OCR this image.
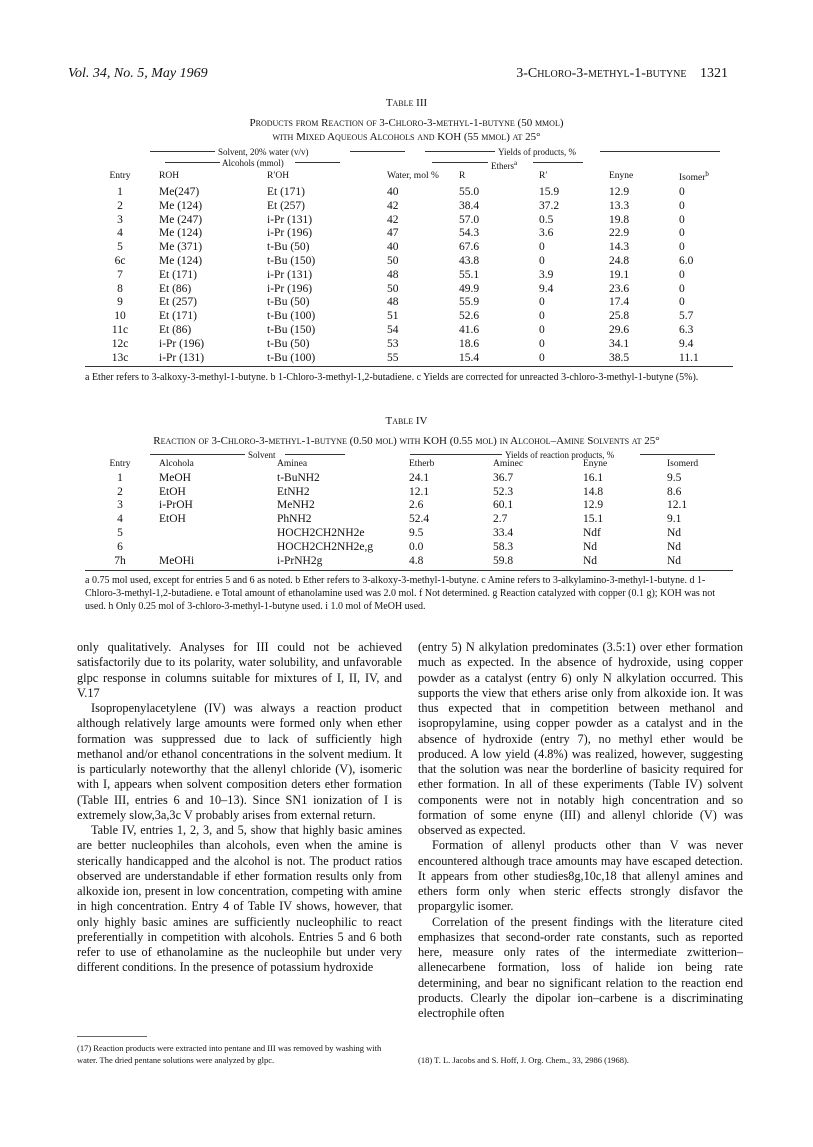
Vol. 34, No. 5, May 1969	3-Chloro-3-methyl-1-butyne 1321
Table III
Products from Reaction of 3-Chloro-3-methyl-1-butyne (50 mmol)
with Mixed Aqueous Alcohols and KOH (55 mmol) at 25°
Solvent, 20% water (v/v)	Yields of products, %
Alcohols (mmol)	Ethers$^a$
Entry	ROH	R′OH	Water, mol %	R	R′	Enyne	Isomer$^b$
1	Me(247)	Et (171)	40	55.0	15.9	12.9	0
2	Me (124)	Et (257)	42	38.4	37.2	13.3	0
3	Me (247)	i-Pr (131)	42	57.0	0.5	19.8	0
4	Me (124)	i-Pr (196)	47	54.3	3.6	22.9	0
5	Me (371)	t-Bu (50)	40	67.6	0	14.3	0
6c	Me (124)	t-Bu (150)	50	43.8	0	24.8	6.0
7	Et (171)	i-Pr (131)	48	55.1	3.9	19.1	0
8	Et (86)	i-Pr (196)	50	49.9	9.4	23.6	0
9	Et (257)	t-Bu (50)	48	55.9	0	17.4	0
10	Et (171)	t-Bu (100)	51	52.6	0	25.8	5.7
11c	Et (86)	t-Bu (150)	54	41.6	0	29.6	6.3
12c	i-Pr (196)	t-Bu (50)	53	18.6	0	34.1	9.4
13c	i-Pr (131)	t-Bu (100)	55	15.4	0	38.5	11.1
a Ether refers to 3-alkoxy-3-methyl-1-butyne. b 1-Chloro-3-methyl-1,2-butadiene. c Yields are corrected for unreacted 3-chloro-3-methyl-1-butyne (5%).
Table IV
Reaction of 3-Chloro-3-methyl-1-butyne (0.50 mol) with KOH (0.55 mol) in Alcohol–Amine Solvents at 25°
Solvent	Yields of reaction products, %
Entry	Alcohola	Aminea	Etherb	Aminec	Enyne	Isomerd
1	MeOH	t-BuNH2	24.1	36.7	16.1	9.5
2	EtOH	EtNH2	12.1	52.3	14.8	8.6
3	i-PrOH	MeNH2	2.6	60.1	12.9	12.1
4	EtOH	PhNH2	52.4	2.7	15.1	9.1
5		HOCH2CH2NH2e	9.5	33.4	Ndf	Nd
6		HOCH2CH2NH2e,g	0.0	58.3	Nd	Nd
7h	MeOHi	i-PrNH2g	4.8	59.8	Nd	Nd
a 0.75 mol used, except for entries 5 and 6 as noted. b Ether refers to 3-alkoxy-3-methyl-1-butyne. c Amine refers to 3-alkylamino-3-methyl-1-butyne. d 1-Chloro-3-methyl-1,2-butadiene. e Total amount of ethanolamine used was 2.0 mol. f Not determined. g Reaction catalyzed with copper (0.1 g); KOH was not used. h Only 0.25 mol of 3-chloro-3-methyl-1-butyne used. i 1.0 mol of MeOH used.

only qualitatively. Analyses for III could not be achieved satisfactorily due to its polarity, water solubility, and unfavorable glpc response in columns suitable for mixtures of I, II, IV, and V.17

Isopropenylacetylene (IV) was always a reaction product although relatively large amounts were formed only when ether formation was suppressed due to lack of sufficiently high methanol and/or ethanol concentrations in the solvent medium. It is particularly noteworthy that the allenyl chloride (V), isomeric with I, appears when solvent composition deters ether formation (Table III, entries 6 and 10–13). Since SN1 ionization of I is extremely slow,3a,3c V probably arises from external return.

Table IV, entries 1, 2, 3, and 5, show that highly basic amines are better nucleophiles than alcohols, even when the amine is sterically handicapped and the alcohol is not. The product ratios observed are understandable if ether formation results only from alkoxide ion, present in low concentration, competing with amine in high concentration. Entry 4 of Table IV shows, however, that only highly basic amines are sufficiently nucleophilic to react preferentially in competition with alcohols. Entries 5 and 6 both refer to use of ethanolamine as the nucleophile but under very different conditions. In the presence of potassium hydroxide

(entry 5) N alkylation predominates (3.5:1) over ether formation much as expected. In the absence of hydroxide, using copper powder as a catalyst (entry 6) only N alkylation occurred. This supports the view that ethers arise only from alkoxide ion. It was thus expected that in competition between methanol and isopropylamine, using copper powder as a catalyst and in the absence of hydroxide (entry 7), no methyl ether would be produced. A low yield (4.8%) was realized, however, suggesting that the solution was near the borderline of basicity required for ether formation. In all of these experiments (Table IV) solvent components were not in notably high concentration and so formation of some enyne (III) and allenyl chloride (V) was observed as expected.

Formation of allenyl products other than V was never encountered although trace amounts may have escaped detection. It appears from other studies8g,10c,18 that allenyl amines and ethers form only when steric effects strongly disfavor the propargylic isomer.

Correlation of the present findings with the literature cited emphasizes that second-order rate constants, such as reported here, measure only rates of the intermediate zwitterion–allenecarbene formation, loss of halide ion being rate determining, and bear no significant relation to the reaction end products. Clearly the dipolar ion–carbene is a discriminating electrophile often

(17) Reaction products were extracted into pentane and III was removed by washing with water. The dried pentane solutions were analyzed by glpc.	(18) T. L. Jacobs and S. Hoff, J. Org. Chem., 33, 2986 (1968).
